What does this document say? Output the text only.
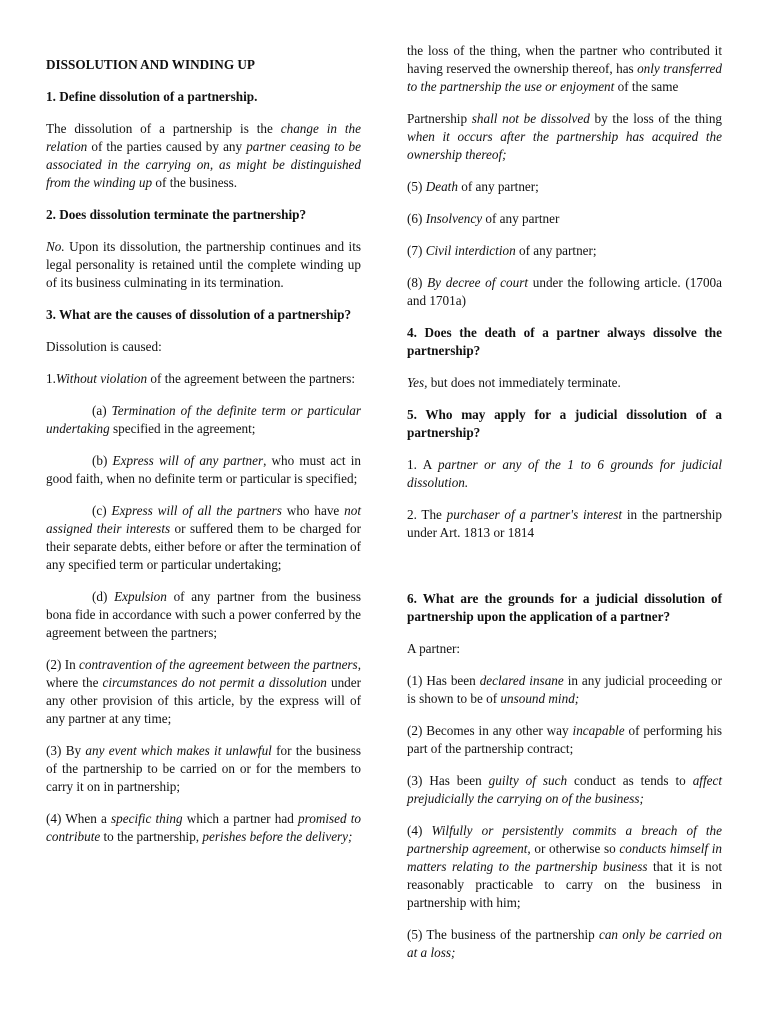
DISSOLUTION AND WINDING UP

1. Define dissolution of a partnership.

The dissolution of a partnership is the change in the relation of the parties caused by any partner ceasing to be associated in the carrying on, as might be distinguished from the winding up of the business.

2. Does dissolution terminate the partnership?

No. Upon its dissolution, the partnership continues and its legal personality is retained until the complete winding up of its business culminating in its termination.

3. What are the causes of dissolution of a partnership?

Dissolution is caused:

1.Without violation of the agreement between the partners:

(a) Termination of the definite term or particular undertaking specified in the agreement;

(b) Express will of any partner, who must act in good faith, when no definite term or particular is specified;

(c) Express will of all the partners who have not assigned their interests or suffered them to be charged for their separate debts, either before or after the termination of any specified term or particular undertaking;

(d) Expulsion of any partner from the business bona fide in accordance with such a power conferred by the agreement between the partners;

(2) In contravention of the agreement between the partners, where the circumstances do not permit a dissolution under any other provision of this article, by the express will of any partner at any time;

(3) By any event which makes it unlawful for the business of the partnership to be carried on or for the members to carry it on in partnership;

(4) When a specific thing which a partner had promised to contribute to the partnership, perishes before the delivery;

the loss of the thing, when the partner who contributed it having reserved the ownership thereof, has only transferred to the partnership the use or enjoyment of the same

Partnership shall not be dissolved by the loss of the thing when it occurs after the partnership has acquired the ownership thereof;

(5) Death of any partner;

(6) Insolvency of any partner

(7) Civil interdiction of any partner;

(8) By decree of court under the following article. (1700a and 1701a)

4. Does the death of a partner always dissolve the partnership?

Yes, but does not immediately terminate.

5. Who may apply for a judicial dissolution of a partnership?

1. A partner or any of the 1 to 6 grounds for judicial dissolution.

2. The purchaser of a partner's interest in the partnership under Art. 1813 or 1814

6. What are the grounds for a judicial dissolution of partnership upon the application of a partner?

A partner:

(1) Has been declared insane in any judicial proceeding or is shown to be of unsound mind;

(2) Becomes in any other way incapable of performing his part of the partnership contract;

(3) Has been guilty of such conduct as tends to affect prejudicially the carrying on of the business;

(4) Wilfully or persistently commits a breach of the partnership agreement, or otherwise so conducts himself in matters relating to the partnership business that it is not reasonably practicable to carry on the business in partnership with him;

(5) The business of the partnership can only be carried on at a loss;
